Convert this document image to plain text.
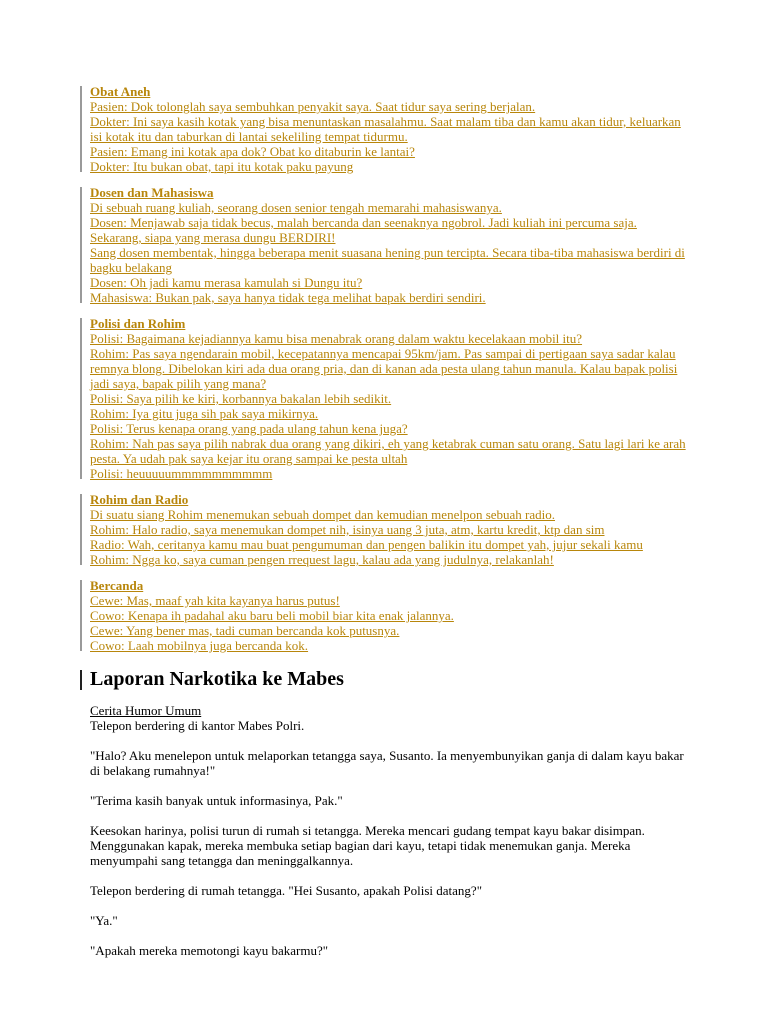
Obat Aneh
Pasien: Dok tolonglah saya sembuhkan penyakit saya. Saat tidur saya sering berjalan.
Dokter: Ini saya kasih kotak yang bisa menuntaskan masalahmu. Saat malam tiba dan kamu akan tidur, keluarkan isi kotak itu dan taburkan di lantai sekeliling tempat tidurmu.
Pasien: Emang ini kotak apa dok? Obat ko ditaburin ke lantai?
Dokter: Itu bukan obat, tapi itu kotak paku payung
Dosen dan Mahasiswa
Di sebuah ruang kuliah, seorang dosen senior tengah memarahi mahasiswanya.
Dosen: Menjawab saja tidak becus, malah bercanda dan seenaknya ngobrol. Jadi kuliah ini percuma saja. Sekarang, siapa yang merasa dungu BERDIRI!
Sang dosen membentak, hingga beberapa menit suasana hening pun tercipta. Secara tiba-tiba mahasiswa berdiri di bagku belakang
Dosen: Oh jadi kamu merasa kamulah si Dungu itu?
Mahasiswa: Bukan pak, saya hanya tidak tega melihat bapak berdiri sendiri.
Polisi dan Rohim
Polisi: Bagaimana kejadiannya kamu bisa menabrak orang dalam waktu kecelakaan mobil itu?
Rohim: Pas saya ngendarain mobil, kecepatannya mencapai 95km/jam. Pas sampai di pertigaan saya sadar kalau remnya blong. Dibelokan kiri ada dua orang pria, dan di kanan ada pesta ulang tahun manula. Kalau bapak polisi jadi saya, bapak pilih yang mana?
Polisi: Saya pilih ke kiri, korbannya bakalan lebih sedikit.
Rohim: Iya gitu juga sih pak saya mikirnya.
Polisi: Terus kenapa orang yang pada ulang tahun kena juga?
Rohim: Nah pas saya pilih nabrak dua orang yang dikiri, eh yang ketabrak cuman satu orang. Satu lagi lari ke arah pesta. Ya udah pak saya kejar itu orang sampai ke pesta ultah
Polisi: heuuuuummmmmmmmmm
Rohim dan Radio
Di suatu siang Rohim menemukan sebuah dompet dan kemudian menelpon sebuah radio.
Rohim: Halo radio, saya menemukan dompet nih, isinya uang 3 juta, atm, kartu kredit, ktp dan sim
Radio: Wah, ceritanya kamu mau buat pengumuman dan pengen balikin itu dompet yah, jujur sekali kamu
Rohim: Ngga ko, saya cuman pengen rrequest lagu, kalau ada yang judulnya, relakanlah!
Bercanda
Cewe: Mas, maaf yah kita kayanya harus putus!
Cowo: Kenapa ih padahal aku baru beli mobil biar kita enak jalannya.
Cewe: Yang bener mas, tadi cuman bercanda kok putusnya.
Cowo: Laah mobilnya juga bercanda kok.
Laporan Narkotika ke Mabes
Cerita Humor Umum

Telepon berdering di kantor Mabes Polri.

"Halo? Aku menelepon untuk melaporkan tetangga saya, Susanto. Ia menyembunyikan ganja di dalam kayu bakar di belakang rumahnya!"

"Terima kasih banyak untuk informasinya, Pak."

Keesokan harinya, polisi turun di rumah si tetangga. Mereka mencari gudang tempat kayu bakar disimpan. Menggunakan kapak, mereka membuka setiap bagian dari kayu, tetapi tidak menemukan ganja. Mereka menyumpahi sang tetangga dan meninggalkannya.

Telepon berdering di rumah tetangga. "Hei Susanto, apakah Polisi datang?"

"Ya."

"Apakah mereka memotongi kayu bakarmu?"
